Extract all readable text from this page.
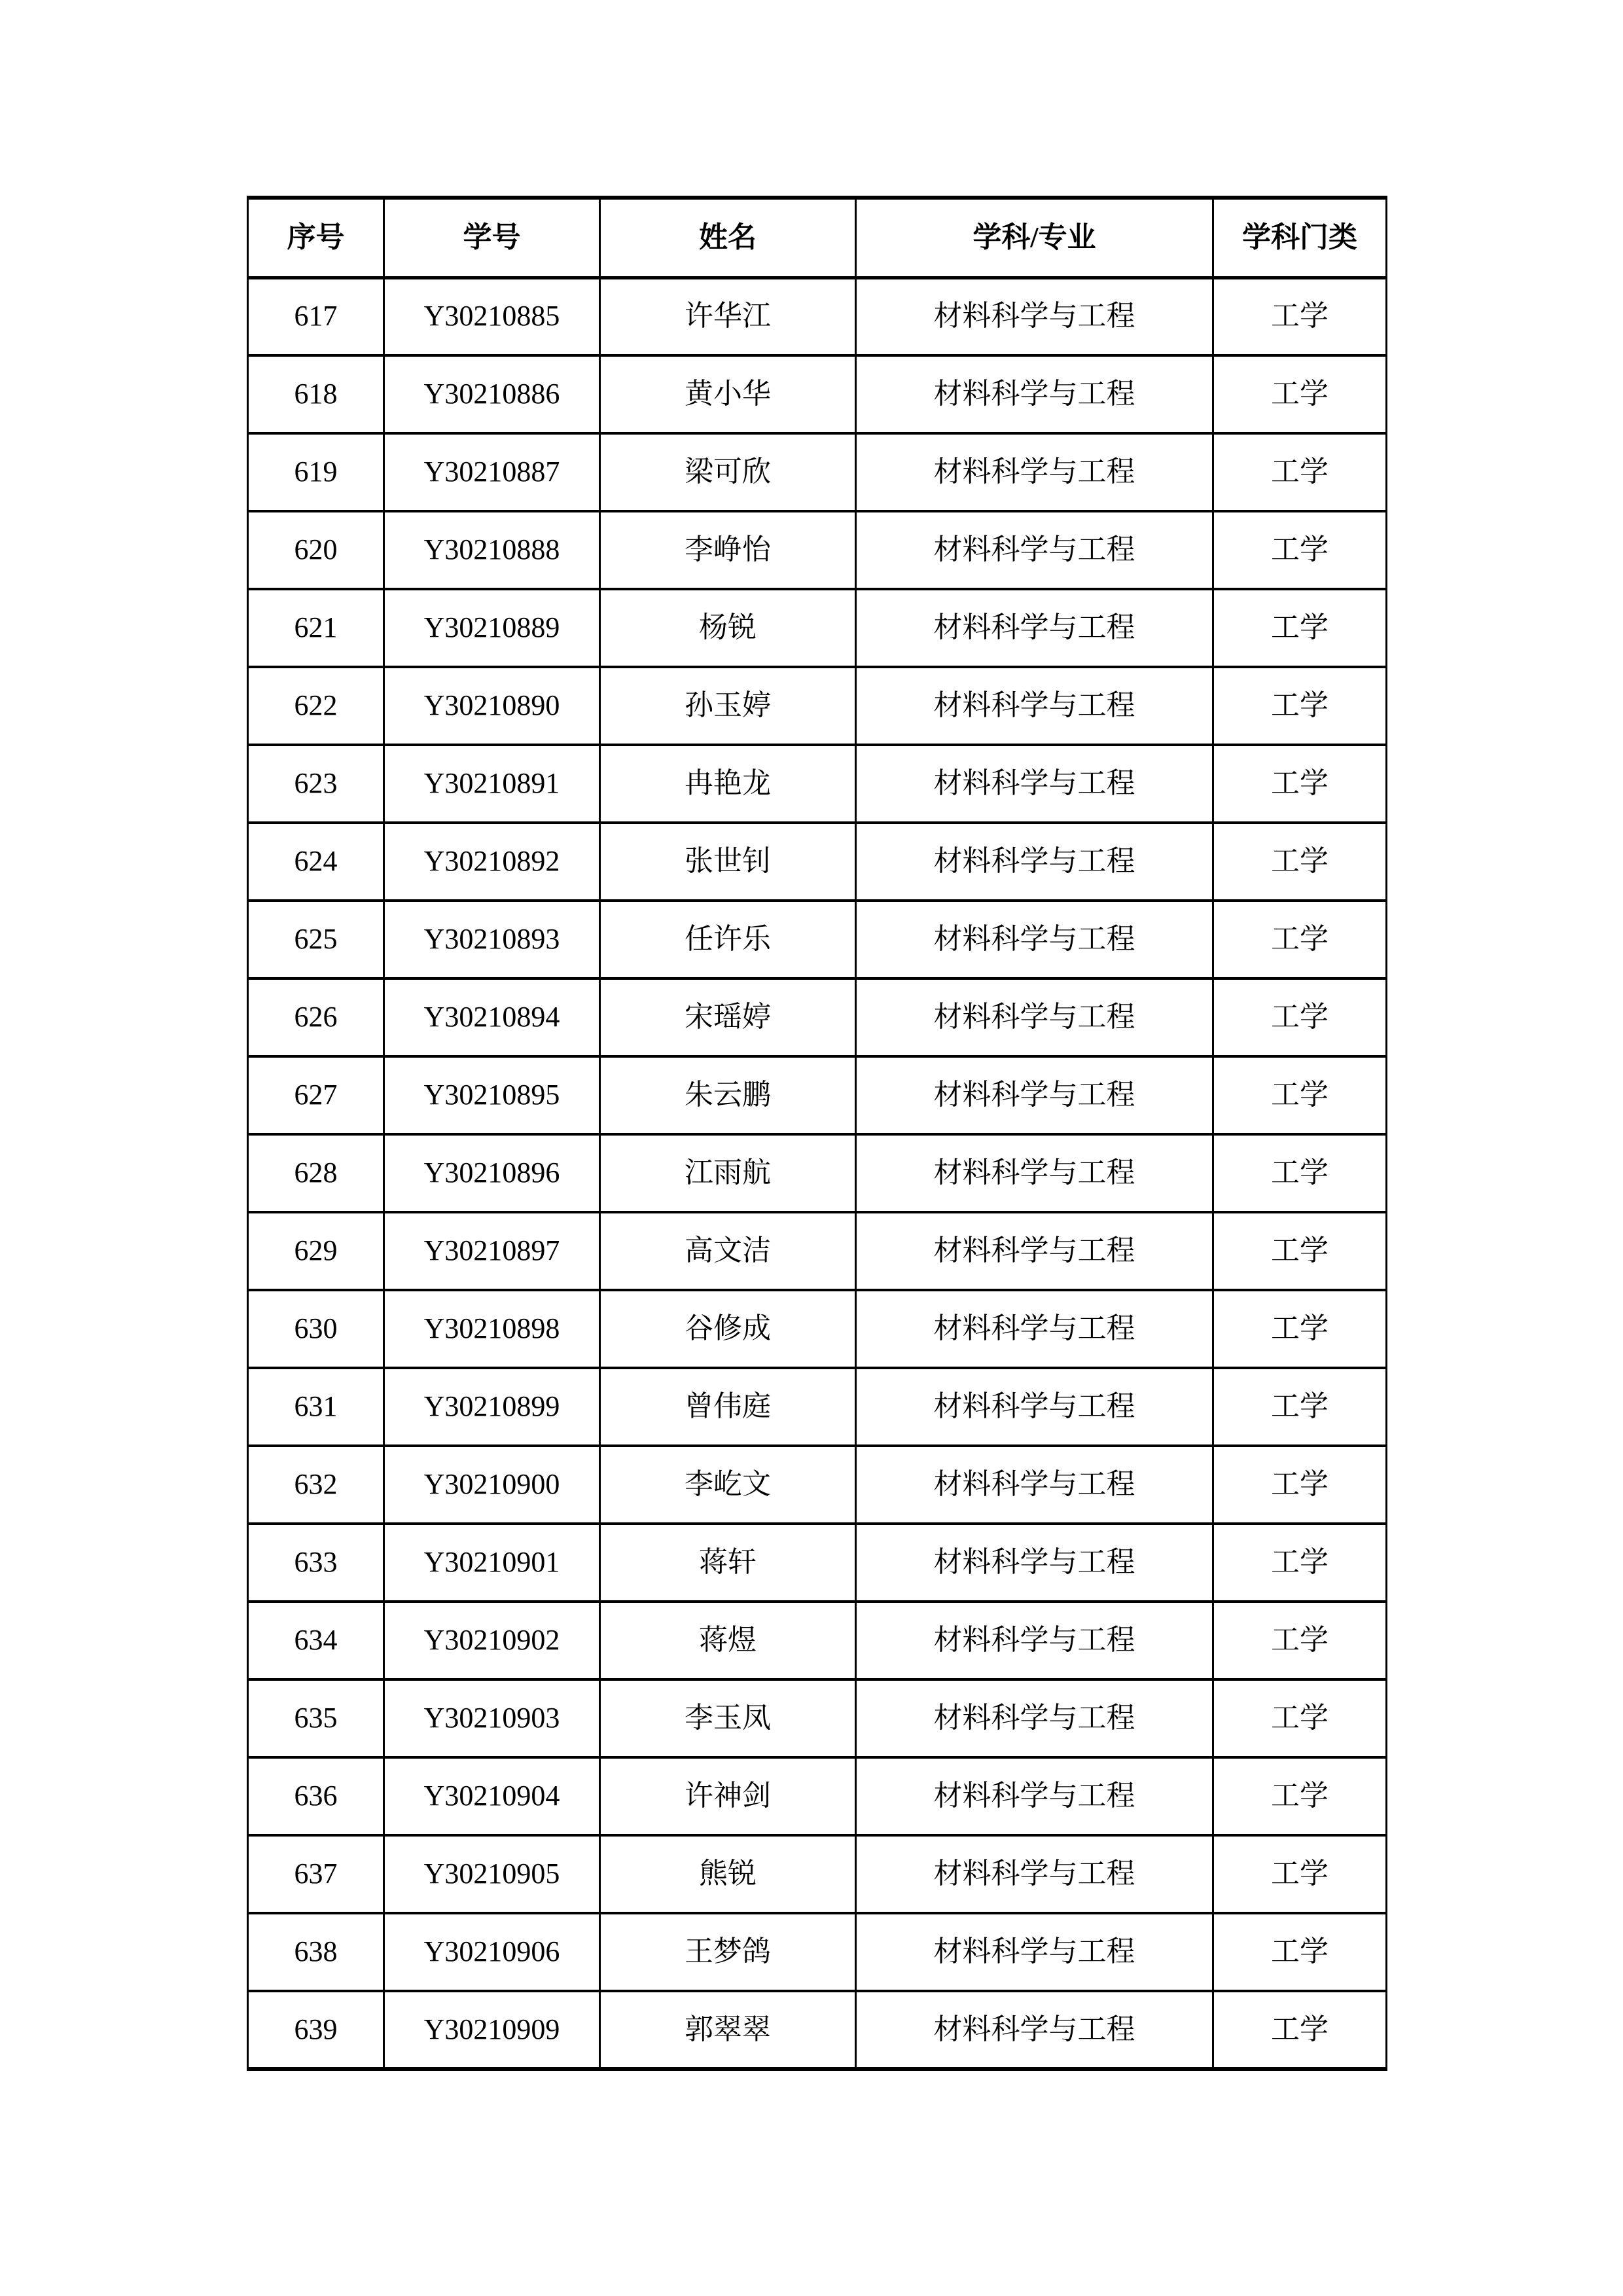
序号	学号	姓名	学科/专业	学科门类
617	Y30210885	许华江	材料科学与工程	工学
618	Y30210886	黄小华	材料科学与工程	工学
619	Y30210887	梁可欣	材料科学与工程	工学
620	Y30210888	李峥怡	材料科学与工程	工学
621	Y30210889	杨锐	材料科学与工程	工学
622	Y30210890	孙玉婷	材料科学与工程	工学
623	Y30210891	冉艳龙	材料科学与工程	工学
624	Y30210892	张世钊	材料科学与工程	工学
625	Y30210893	任许乐	材料科学与工程	工学
626	Y30210894	宋瑶婷	材料科学与工程	工学
627	Y30210895	朱云鹏	材料科学与工程	工学
628	Y30210896	江雨航	材料科学与工程	工学
629	Y30210897	高文洁	材料科学与工程	工学
630	Y30210898	谷修成	材料科学与工程	工学
631	Y30210899	曾伟庭	材料科学与工程	工学
632	Y30210900	李屹文	材料科学与工程	工学
633	Y30210901	蒋轩	材料科学与工程	工学
634	Y30210902	蒋煜	材料科学与工程	工学
635	Y30210903	李玉凤	材料科学与工程	工学
636	Y30210904	许神剑	材料科学与工程	工学
637	Y30210905	熊锐	材料科学与工程	工学
638	Y30210906	王梦鸽	材料科学与工程	工学
639	Y30210909	郭翠翠	材料科学与工程	工学
